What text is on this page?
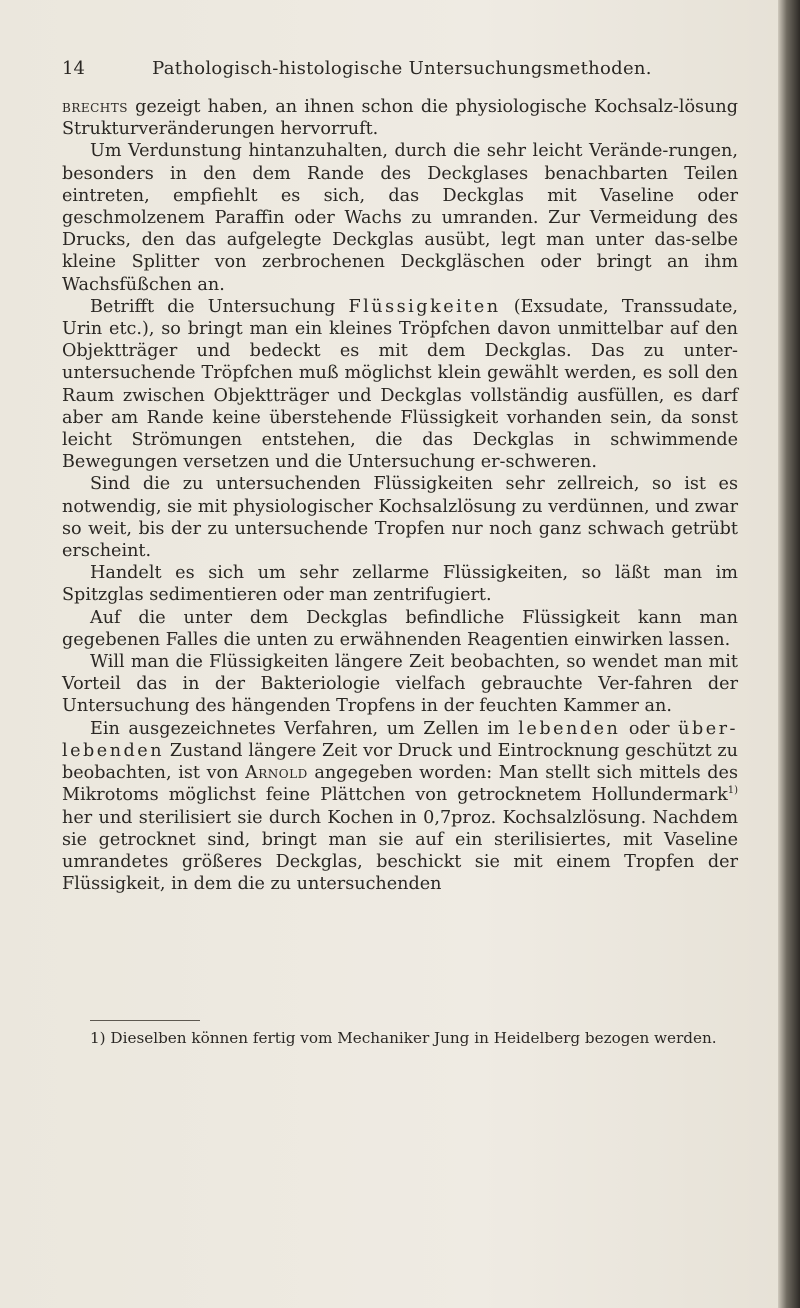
14	Pathologisch-histologische Untersuchungsmethoden.

brechts gezeigt haben, an ihnen schon die physiologische Kochsalz-lösung Strukturveränderungen hervorruft.

Um Verdunstung hintanzuhalten, durch die sehr leicht Verände-rungen, besonders in den dem Rande des Deckglases benachbarten Teilen eintreten, empfiehlt es sich, das Deckglas mit Vaseline oder geschmolzenem Paraffin oder Wachs zu umranden. Zur Vermeidung des Drucks, den das aufgelegte Deckglas ausübt, legt man unter das-selbe kleine Splitter von zerbrochenen Deckgläschen oder bringt an ihm Wachsfüßchen an.

Betrifft die Untersuchung Flüssigkeiten (Exsudate, Transsudate, Urin etc.), so bringt man ein kleines Tröpfchen davon unmittelbar auf den Objektträger und bedeckt es mit dem Deckglas. Das zu unter-untersuchende Tröpfchen muß möglichst klein gewählt werden, es soll den Raum zwischen Objektträger und Deckglas vollständig ausfüllen, es darf aber am Rande keine überstehende Flüssigkeit vorhanden sein, da sonst leicht Strömungen entstehen, die das Deckglas in schwimmende Bewegungen versetzen und die Untersuchung er-schweren.

Sind die zu untersuchenden Flüssigkeiten sehr zellreich, so ist es notwendig, sie mit physiologischer Kochsalzlösung zu verdünnen, und zwar so weit, bis der zu untersuchende Tropfen nur noch ganz schwach getrübt erscheint.

Handelt es sich um sehr zellarme Flüssigkeiten, so läßt man im Spitzglas sedimentieren oder man zentrifugiert.

Auf die unter dem Deckglas befindliche Flüssigkeit kann man gegebenen Falles die unten zu erwähnenden Reagentien einwirken lassen.

Will man die Flüssigkeiten längere Zeit beobachten, so wendet man mit Vorteil das in der Bakteriologie vielfach gebrauchte Ver-fahren der Untersuchung des hängenden Tropfens in der feuchten Kammer an.

Ein ausgezeichnetes Verfahren, um Zellen im lebenden oder über-lebenden Zustand längere Zeit vor Druck und Eintrocknung geschützt zu beobachten, ist von Arnold angegeben worden: Man stellt sich mittels des Mikrotoms möglichst feine Plättchen von getrocknetem Hollundermark$^{1)}$ her und sterilisiert sie durch Kochen in 0,7proz. Kochsalzlösung. Nachdem sie getrocknet sind, bringt man sie auf ein sterilisiertes, mit Vaseline umrandetes größeres Deckglas, beschickt sie mit einem Tropfen der Flüssigkeit, in dem die zu untersuchenden

1) Dieselben können fertig vom Mechaniker Jung in Heidelberg bezogen werden.
